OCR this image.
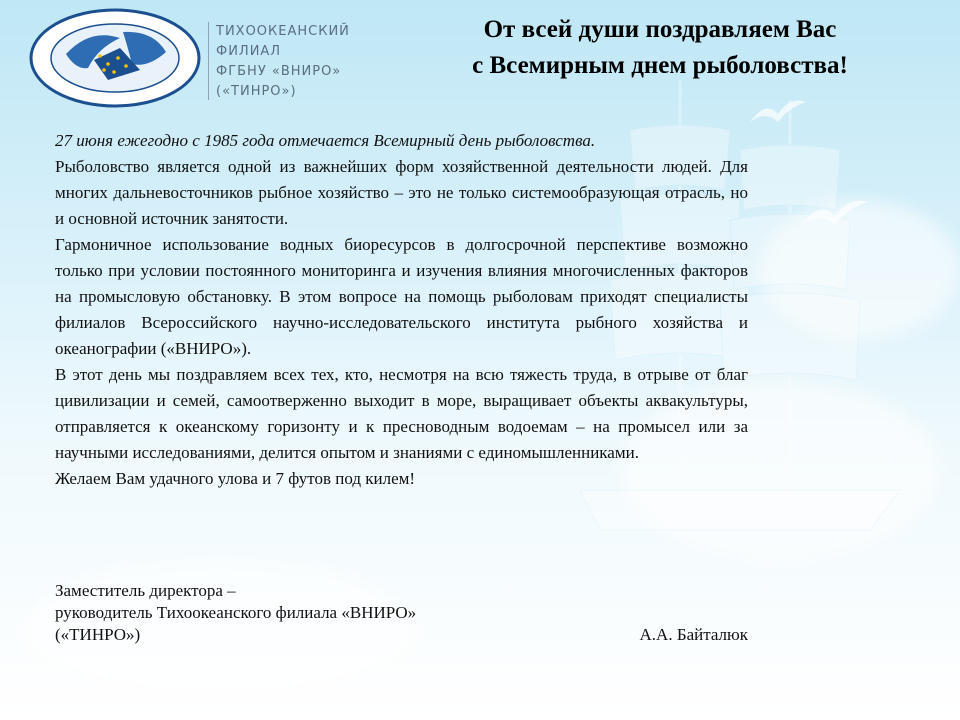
ТИХООКЕАНСКИЙ
ФИЛИАЛ
ФГБНУ «ВНИРО»
(«ТИНРО»)
От всей души поздравляем Вас
с Всемирным днем рыболовства!

27 июня ежегодно с 1985 года отмечается Всемирный день рыболовства.

Рыболовство является одной из важнейших форм хозяйственной деятельности людей. Для многих дальневосточников рыбное хозяйство – это не только системообразующая отрасль, но и основной источник занятости.

Гармоничное использование водных биоресурсов в долгосрочной перспективе возможно только при условии постоянного мониторинга и изучения влияния многочисленных факторов на промысловую обстановку. В этом вопросе на помощь рыболовам приходят специалисты филиалов Всероссийского научно-исследовательского института рыбного хозяйства и океанографии («ВНИРО»).

В этот день мы поздравляем всех тех, кто, несмотря на всю тяжесть труда, в отрыве от благ цивилизации и семей, самоотверженно выходит в море, выращивает объекты аквакультуры, отправляется к океанскому горизонту и к пресноводным водоемам – на промысел или за научными исследованиями, делится опытом и знаниями с единомышленниками.

Желаем Вам удачного улова и 7 футов под килем!

Заместитель директора –
руководитель Тихоокеанского филиала «ВНИРО»
(«ТИНРО»)	А.А. Байталюк
